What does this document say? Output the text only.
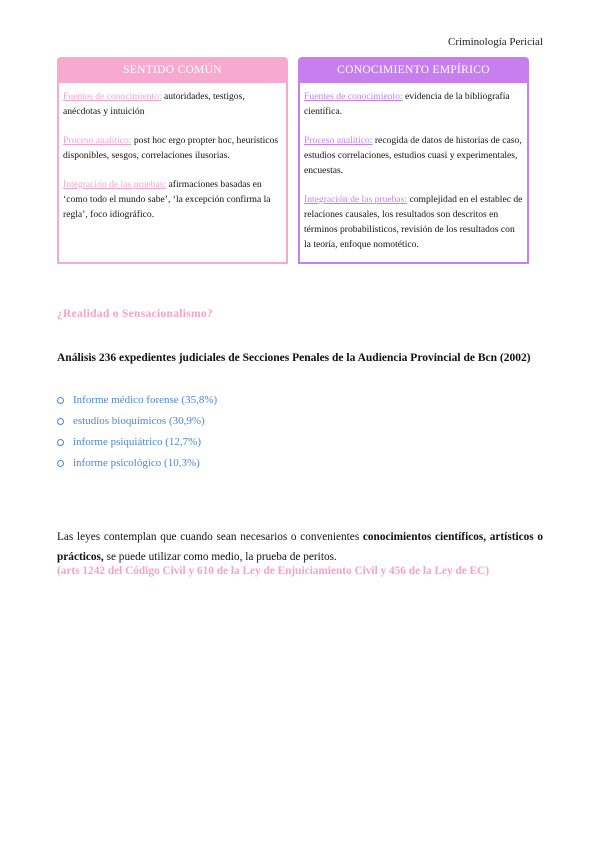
Criminología Pericial
SENTIDO COMÚN

Fuentes de conocimiento: autoridades, testigos, anécdotas y intuición

Proceso analítico: post hoc ergo propter hoc, heurísticos disponibles, sesgos, correlaciones ilusorias.

Integración de las pruebas: afirmaciones basadas en ‘como todo el mundo sabe’, ‘la excepción confirma la regla’, foco idiográfico.

CONOCIMIENTO EMPÍRICO

Fuentes de conocimiento: evidencia de la bibliografía científica.

Proceso analítico: recogida de datos de historias de caso, estudios correlaciones, estudios cuasi y experimentales, encuestas.

Integración de las pruebas: complejidad en el establec de relaciones causales, los resultados son descritos en términos probabilísticos, revisión de los resultados con la teoría, enfoque nomotético.

¿Realidad o Sensacionalismo?
Análisis 236 expedientes judiciales de Secciones Penales de la Audiencia Provincial de Bcn (2002)
Informe médico forense (35,8%)
estudios bioquímicos (30,9%)
informe psiquiátrico (12,7%)
informe psicológico (10,3%)

Las leyes contemplan que cuando sean necesarios o convenientes conocimientos científicos, artísticos o prácticos, se puede utilizar como medio, la prueba de peritos.

(arts 1242 del Código Civil y 610 de la Ley de Enjuiciamiento Civil y 456 de la Ley de EC)
